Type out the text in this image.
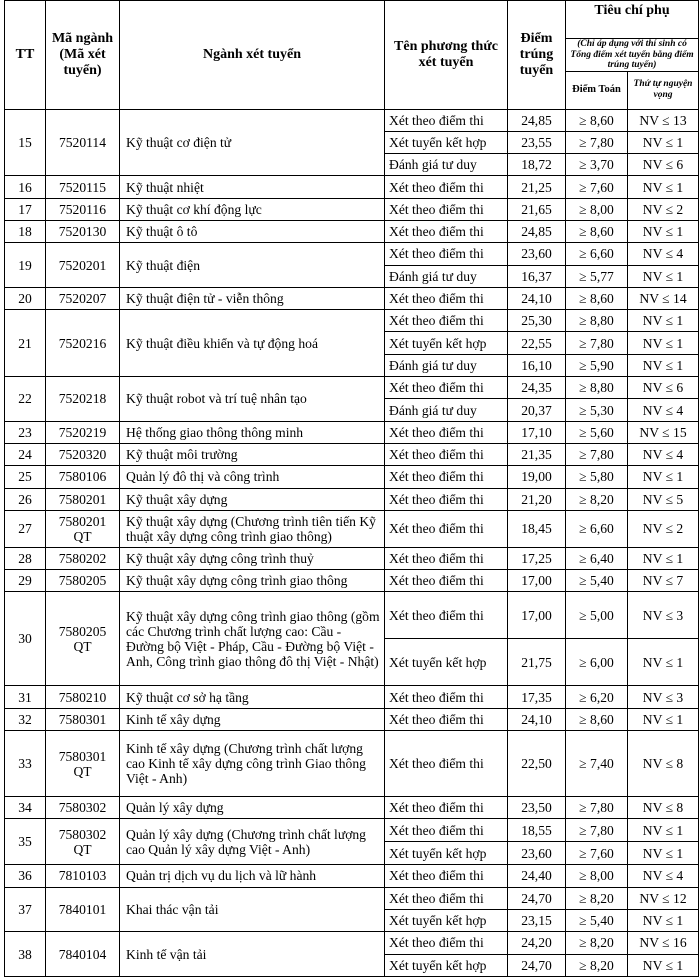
TT	Mã ngành (Mã xét tuyển)	Ngành xét tuyển	Tên phương thức xét tuyển	Điểm trúng tuyển	Tiêu chí phụ	

					(Chỉ áp dụng với thí sinh có Tổng điểm xét tuyển bằng điểm trúng tuyển)	
					Điểm Toán	Thứ tự nguyện vọng
15	7520114	Kỹ thuật cơ điện tử	Xét theo điểm thi	24,85	≥ 8,60	NV ≤ 13
			Xét tuyển kết hợp	23,55	≥ 7,80	NV ≤ 1
			Đánh giá tư duy	18,72	≥ 3,70	NV ≤ 6
16	7520115	Kỹ thuật nhiệt	Xét theo điểm thi	21,25	≥ 7,60	NV ≤ 1
17	7520116	Kỹ thuật cơ khí động lực	Xét theo điểm thi	21,65	≥ 8,00	NV ≤ 2
18	7520130	Kỹ thuật ô tô	Xét theo điểm thi	24,85	≥ 8,60	NV ≤ 1
19	7520201	Kỹ thuật điện	Xét theo điểm thi	23,60	≥ 6,60	NV ≤ 4
			Đánh giá tư duy	16,37	≥ 5,77	NV ≤ 1
20	7520207	Kỹ thuật điện tử - viễn thông	Xét theo điểm thi	24,10	≥ 8,60	NV ≤ 14
21	7520216	Kỹ thuật điều khiển và tự động hoá	Xét theo điểm thi	25,30	≥ 8,80	NV ≤ 1
			Xét tuyển kết hợp	22,55	≥ 7,80	NV ≤ 1
			Đánh giá tư duy	16,10	≥ 5,90	NV ≤ 1
22	7520218	Kỹ thuật robot và trí tuệ nhân tạo	Xét theo điểm thi	24,35	≥ 8,80	NV ≤ 6
			Đánh giá tư duy	20,37	≥ 5,30	NV ≤ 4
23	7520219	Hệ thống giao thông thông minh	Xét theo điểm thi	17,10	≥ 5,60	NV ≤ 15
24	7520320	Kỹ thuật môi trường	Xét theo điểm thi	21,35	≥ 7,80	NV ≤ 4
25	7580106	Quản lý đô thị và công trình	Xét theo điểm thi	19,00	≥ 5,80	NV ≤ 1
26	7580201	Kỹ thuật xây dựng	Xét theo điểm thi	21,20	≥ 8,20	NV ≤ 5
27	7580201 QT	Kỹ thuật xây dựng (Chương trình tiên tiến Kỹ thuật xây dựng công trình giao thông)	Xét theo điểm thi	18,45	≥ 6,60	NV ≤ 2
28	7580202	Kỹ thuật xây dựng công trình thuỷ	Xét theo điểm thi	17,25	≥ 6,40	NV ≤ 1
29	7580205	Kỹ thuật xây dựng công trình giao thông	Xét theo điểm thi	17,00	≥ 5,40	NV ≤ 7
30	7580205 QT	Kỹ thuật xây dựng công trình giao thông (gồm các Chương trình chất lượng cao: Cầu - Đường bộ Việt - Pháp, Cầu - Đường bộ Việt - Anh, Công trình giao thông đô thị Việt - Nhật)	Xét theo điểm thi	17,00	≥ 5,00	NV ≤ 3
			Xét tuyển kết hợp	21,75	≥ 6,00	NV ≤ 1
31	7580210	Kỹ thuật cơ sở hạ tầng	Xét theo điểm thi	17,35	≥ 6,20	NV ≤ 3
32	7580301	Kinh tế xây dựng	Xét theo điểm thi	24,10	≥ 8,60	NV ≤ 1
33	7580301 QT	Kinh tế xây dựng (Chương trình chất lượng cao Kinh tế xây dựng công trình Giao thông Việt - Anh)	Xét theo điểm thi	22,50	≥ 7,40	NV ≤ 8
34	7580302	Quản lý xây dựng	Xét theo điểm thi	23,50	≥ 7,80	NV ≤ 8
35	7580302 QT	Quản lý xây dựng (Chương trình chất lượng cao Quản lý xây dựng Việt - Anh)	Xét theo điểm thi	18,55	≥ 7,80	NV ≤ 1
			Xét tuyển kết hợp	23,60	≥ 7,60	NV ≤ 1
36	7810103	Quản trị dịch vụ du lịch và lữ hành	Xét theo điểm thi	24,40	≥ 8,00	NV ≤ 4
37	7840101	Khai thác vận tải	Xét theo điểm thi	24,70	≥ 8,20	NV ≤ 12
			Xét tuyển kết hợp	23,15	≥ 5,40	NV ≤ 1
38	7840104	Kinh tế vận tải	Xét theo điểm thi	24,20	≥ 8,20	NV ≤ 16
			Xét tuyển kết hợp	24,70	≥ 8,20	NV ≤ 1
